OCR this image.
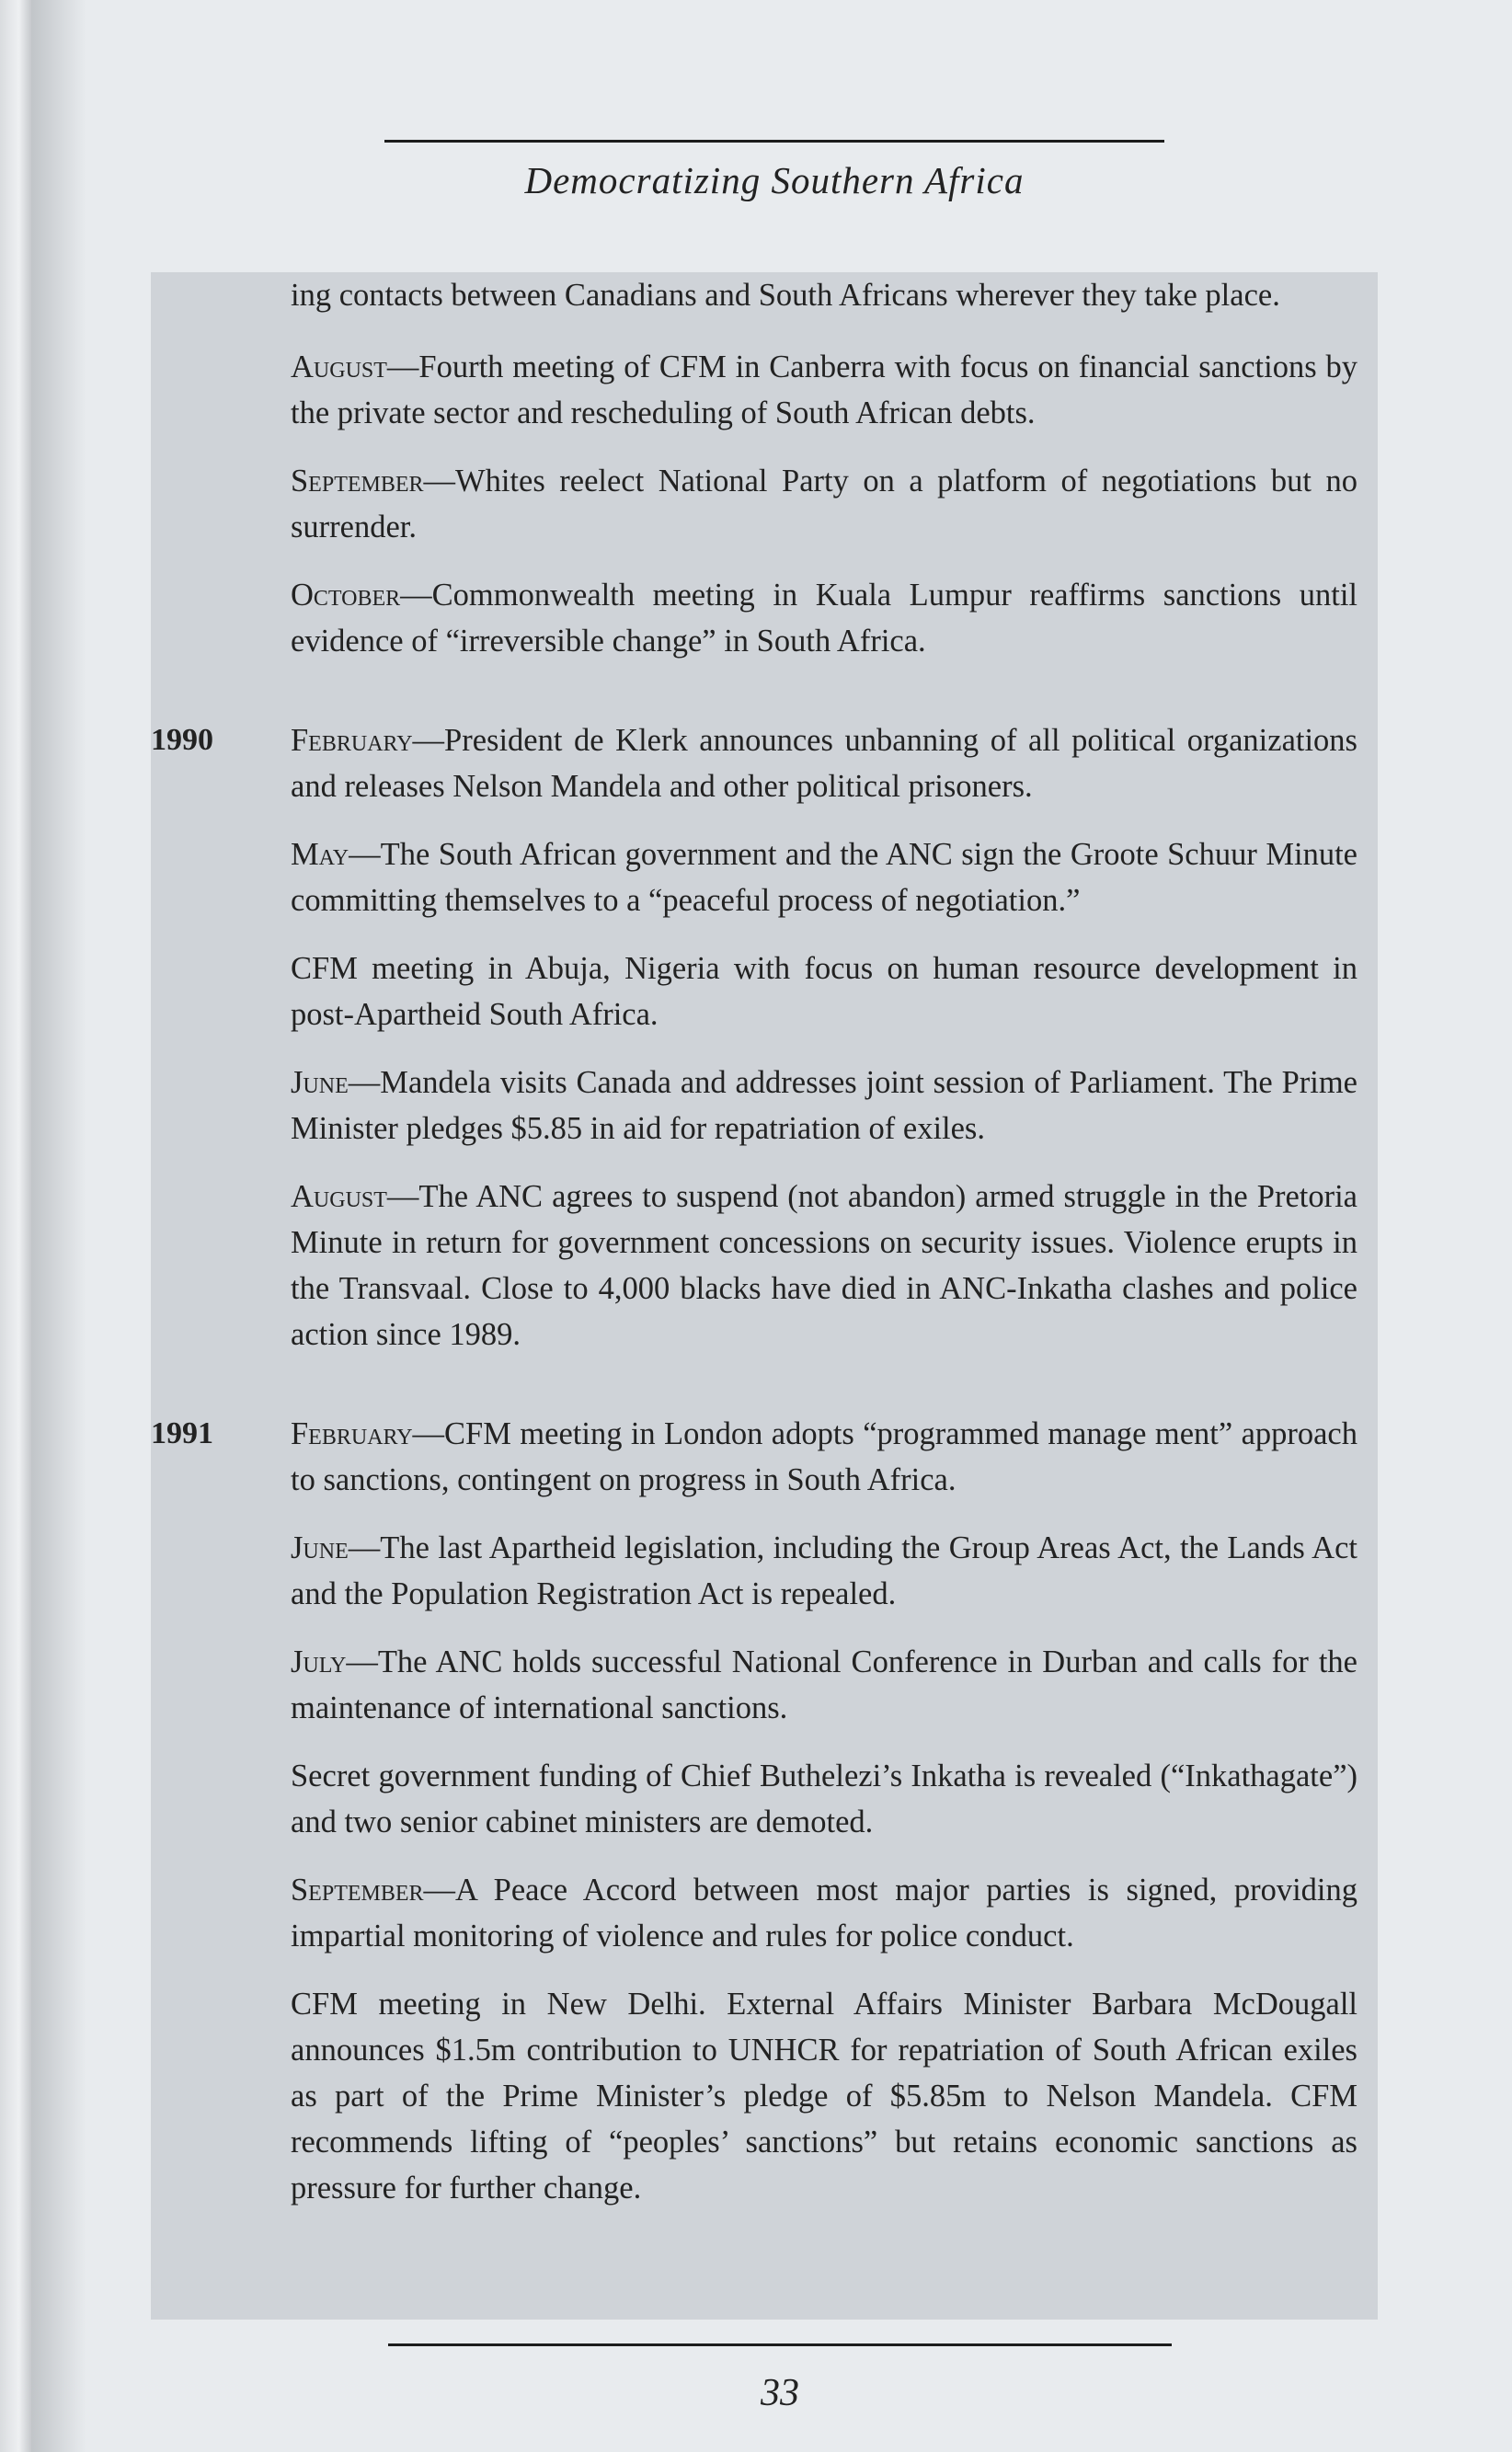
Democratizing Southern Africa
ing contacts between Canadians and South Africans wherever they take place.
August—Fourth meeting of CFM in Canberra with focus on financial sanctions by the private sector and rescheduling of South African debts.
September—Whites reelect National Party on a platform of negotiations but no surrender.
October—Commonwealth meeting in Kuala Lumpur reaffirms sanctions until evidence of “irreversible change” in South Africa.
1990 February—President de Klerk announces unbanning of all political organizations and releases Nelson Mandela and other political prisoners.
May—The South African government and the ANC sign the Groote Schuur Minute committing themselves to a “peaceful process of negotiation.”
CFM meeting in Abuja, Nigeria with focus on human resource development in post-Apartheid South Africa.
June—Mandela visits Canada and addresses joint session of Parliament. The Prime Minister pledges $5.85 in aid for repatriation of exiles.
August—The ANC agrees to suspend (not abandon) armed struggle in the Pretoria Minute in return for government concessions on security issues. Violence erupts in the Transvaal. Close to 4,000 blacks have died in ANC-Inkatha clashes and police action since 1989.
1991 February—CFM meeting in London adopts “programmed manage ment” approach to sanctions, contingent on progress in South Africa.
June—The last Apartheid legislation, including the Group Areas Act, the Lands Act and the Population Registration Act is repealed.
July—The ANC holds successful National Conference in Durban and calls for the maintenance of international sanctions.
Secret government funding of Chief Buthelezi’s Inkatha is revealed (“Inkathagate”) and two senior cabinet ministers are demoted.
September—A Peace Accord between most major parties is signed, providing impartial monitoring of violence and rules for police conduct.
CFM meeting in New Delhi. External Affairs Minister Barbara McDougall announces $1.5m contribution to UNHCR for repatriation of South African exiles as part of the Prime Minister’s pledge of $5.85m to Nelson Mandela. CFM recommends lifting of “peoples’ sanctions” but retains economic sanctions as pressure for further change.
33
